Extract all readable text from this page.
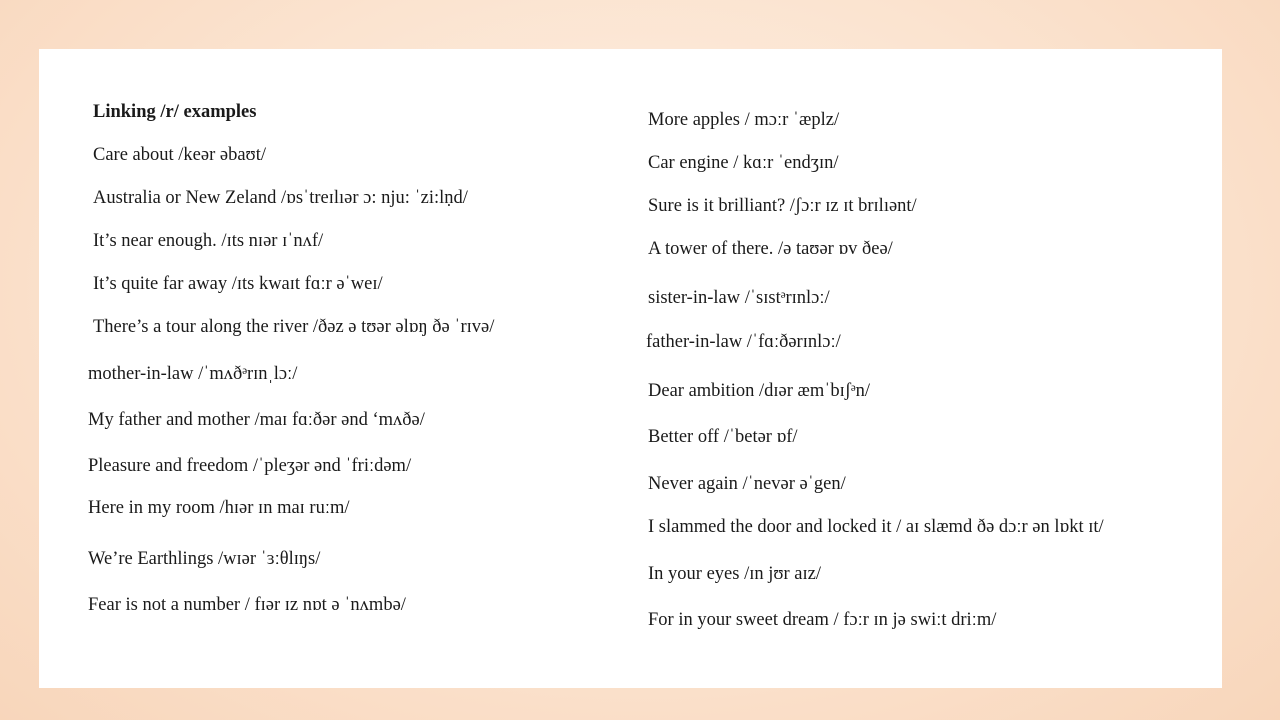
Linking /r/ examples
Care about /keər əbaʊt/
Australia or New Zeland /ɒsˈtreɪlıər ɔ: nju: ˈzi:lṇd/
It’s near enough. /ɪts nɪər ɪˈnʌf/
It’s quite far away /ɪts kwaɪt fɑːr əˈweɪ/
There’s a tour along the river /ðəz ə tʊər əlɒŋ ðə ˈrɪvə/
mother-in-law /ˈmʌðᵊrɪnˌlɔː/
My father and mother /maɪ fɑːðər ənd ‘mʌðə/
Pleasure and freedom /ˈpleʒər ənd ˈfriːdəm/
Here in my room /hɪər ɪn maɪ ruːm/
We’re Earthlings /wɪər ˈɜːθlɪŋs/
Fear is not a number / fɪər ɪz nɒt ə ˈnʌmbə/
More apples / mɔːr ˈæplz/
Car engine / kɑːr ˈendʒɪn/
Sure is it brilliant? /ʃɔːr ɪz ɪt brɪlıənt/
A tower of there. /ə taʊər ɒv ðeə/
sister-in-law /ˈsɪstᵊrɪnlɔː/
father-in-law /ˈfɑːðərɪnlɔː/
Dear ambition /dɪər æmˈbɪʃᵊn/
Better off /ˈbetər ɒf/
Never again /ˈnevər əˈgen/
I slammed the door and locked it / aɪ slæmd ðə dɔːr ən lɒkt ɪt/
In your eyes /ɪn jʊr aɪz/
For in your sweet dream / fɔːr ɪn jə swiːt driːm/
